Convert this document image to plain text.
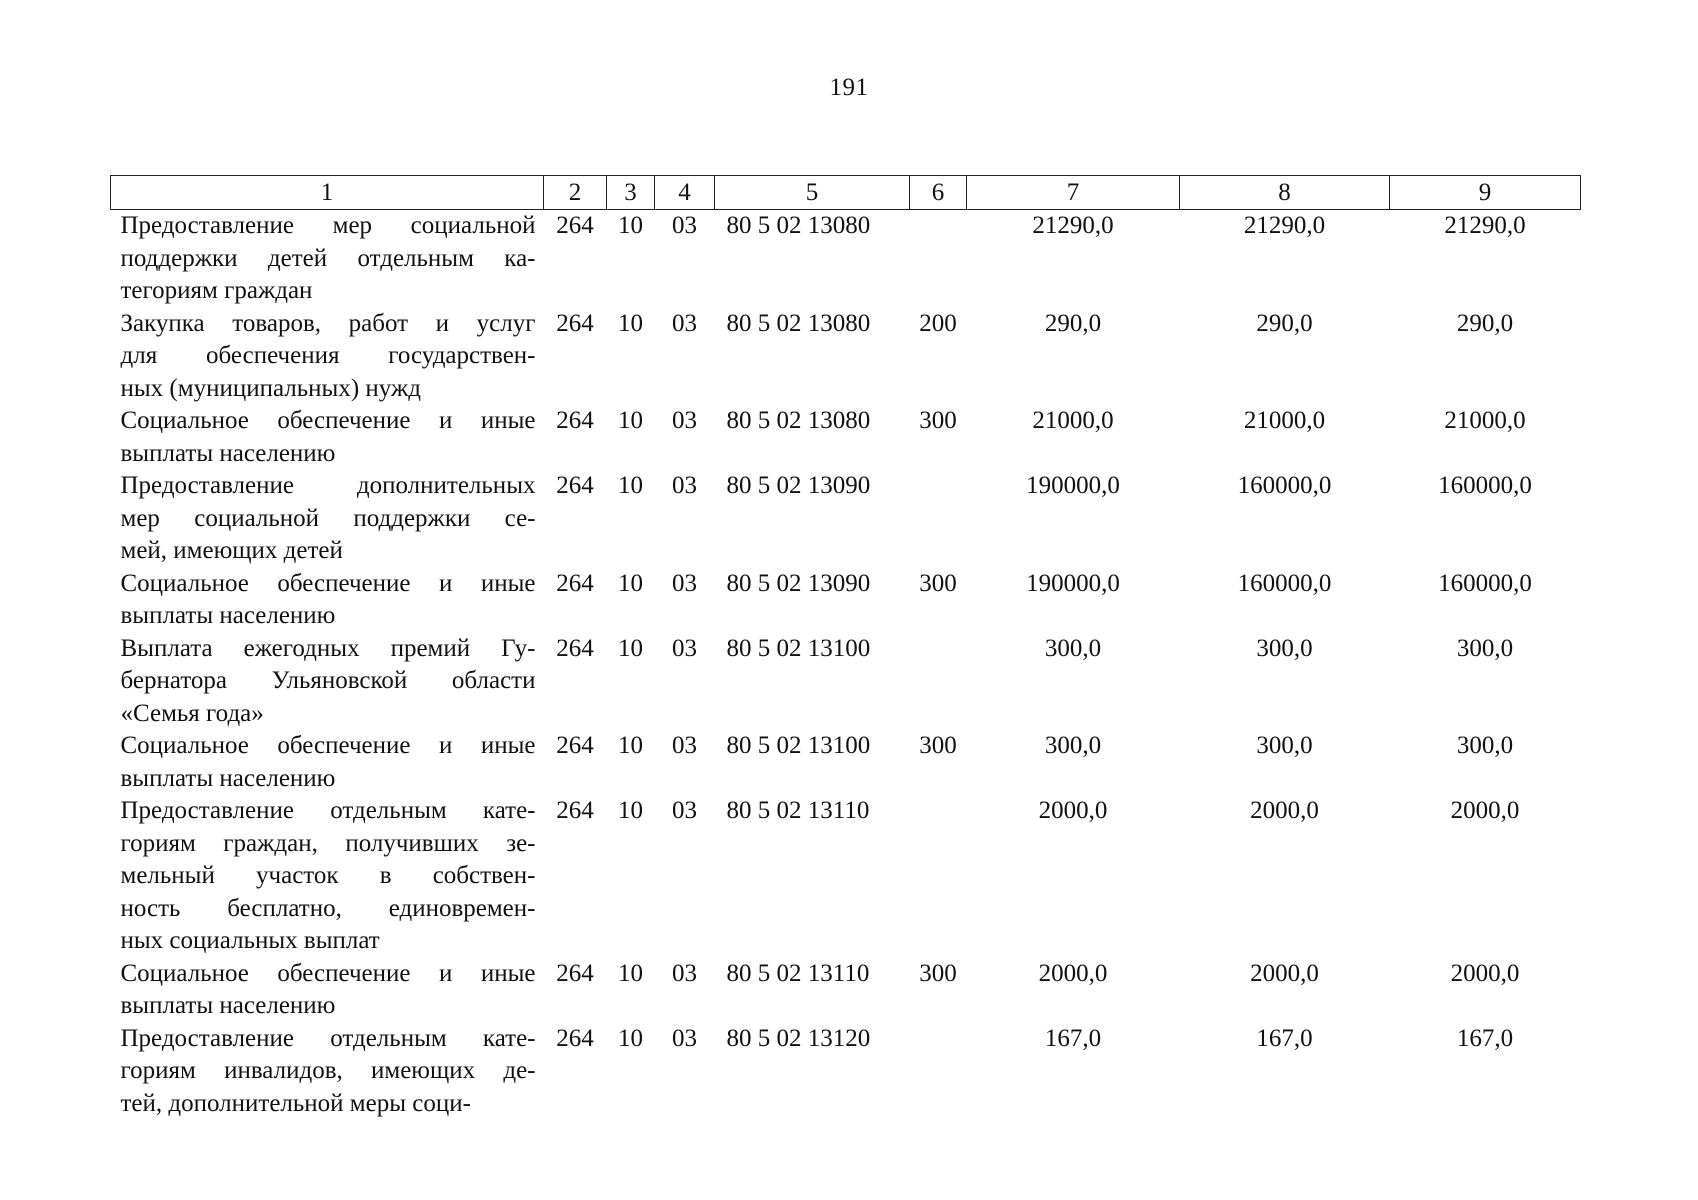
191
1	2	3	4	5	6	7	8	9

Предоставление мер социальной
поддержки детей отдельным ка-
тегориям граждан	264	10	03	80 5 02 13080		21290,0	21290,0	21290,0

Закупка товаров, работ и услуг
для обеспечения государствен-
ных (муниципальных) нужд	264	10	03	80 5 02 13080	200	290,0	290,0	290,0

Социальное обеспечение и иные
выплаты населению	264	10	03	80 5 02 13080	300	21000,0	21000,0	21000,0

Предоставление дополнительных
мер социальной поддержки се-
мей, имеющих детей	264	10	03	80 5 02 13090		190000,0	160000,0	160000,0

Социальное обеспечение и иные
выплаты населению	264	10	03	80 5 02 13090	300	190000,0	160000,0	160000,0

Выплата ежегодных премий Гу-
бернатора Ульяновской области
«Семья года»	264	10	03	80 5 02 13100		300,0	300,0	300,0

Социальное обеспечение и иные
выплаты населению	264	10	03	80 5 02 13100	300	300,0	300,0	300,0

Предоставление отдельным кате-
гориям граждан, получивших зе-
мельный участок в собствен-
ность бесплатно, единовремен-
ных социальных выплат	264	10	03	80 5 02 13110		2000,0	2000,0	2000,0

Социальное обеспечение и иные
выплаты населению	264	10	03	80 5 02 13110	300	2000,0	2000,0	2000,0

Предоставление отдельным кате-
гориям инвалидов, имеющих де-
тей, дополнительной меры соци-	264	10	03	80 5 02 13120		167,0	167,0	167,0
